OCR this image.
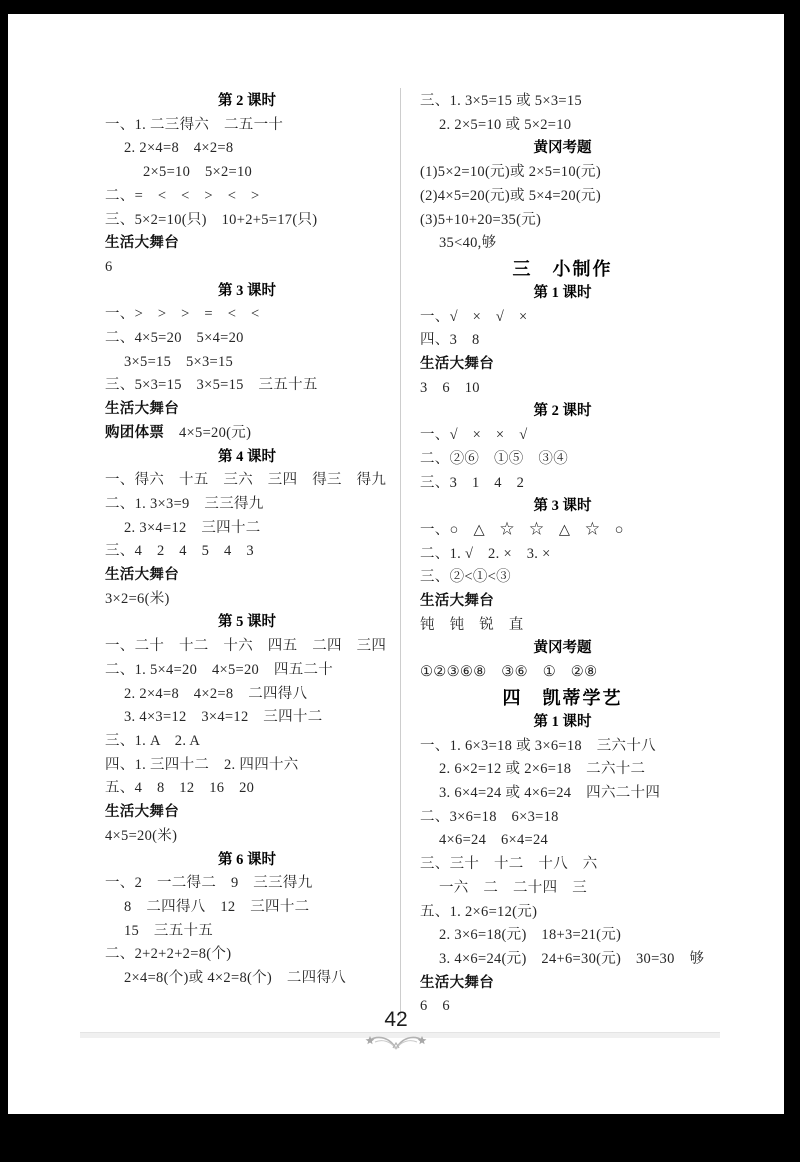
第 2 课时
一、1. 二三得六　二五一十
2. 2×4=8　4×2=8
2×5=10　5×2=10
二、=　<　<　>　<　>
三、5×2=10(只)　10+2+5=17(只)
生活大舞台
6
第 3 课时
一、>　>　>　=　<　<
二、4×5=20　5×4=20
3×5=15　5×3=15
三、5×3=15　3×5=15　三五十五
生活大舞台
购团体票　4×5=20(元)
第 4 课时
一、得六　十五　三六　三四　得三　得九
二、1. 3×3=9　三三得九
2. 3×4=12　三四十二
三、4　2　4　5　4　3
生活大舞台
3×2=6(米)
第 5 课时
一、二十　十二　十六　四五　二四　三四
二、1. 5×4=20　4×5=20　四五二十
2. 2×4=8　4×2=8　二四得八
3. 4×3=12　3×4=12　三四十二
三、1. A　2. A
四、1. 三四十二　2. 四四十六
五、4　8　12　16　20
生活大舞台
4×5=20(米)
第 6 课时
一、2　一二得二　9　三三得九
8　二四得八　12　三四十二
15　三五十五
二、2+2+2+2=8(个)
2×4=8(个)或 4×2=8(个)　二四得八
三、1. 3×5=15 或 5×3=15
2. 2×5=10 或 5×2=10
黄冈考题
(1)5×2=10(元)或 2×5=10(元)
(2)4×5=20(元)或 5×4=20(元)
(3)5+10+20=35(元)
35<40,够
三　小制作
第 1 课时
一、√　×　√　×
四、3　8
生活大舞台
3　6　10
第 2 课时
一、√　×　×　√
二、②⑥　①⑤　③④
三、3　1　4　2
第 3 课时
一、○　△　☆　☆　△　☆　○
二、1. √　2. ×　3. ×
三、②<①<③
生活大舞台
钝　钝　锐　直
黄冈考题
①②③⑥⑧　③⑥　①　②⑧
四　凯蒂学艺
第 1 课时
一、1. 6×3=18 或 3×6=18　三六十八
2. 6×2=12 或 2×6=18　二六十二
3. 6×4=24 或 4×6=24　四六二十四
二、3×6=18　6×3=18
4×6=24　6×4=24
三、三十　十二　十八　六
一六　二　二十四　三
五、1. 2×6=12(元)
2. 3×6=18(元)　18+3=21(元)
3. 4×6=24(元)　24+6=30(元)　30=30　够
生活大舞台
6　6
42
